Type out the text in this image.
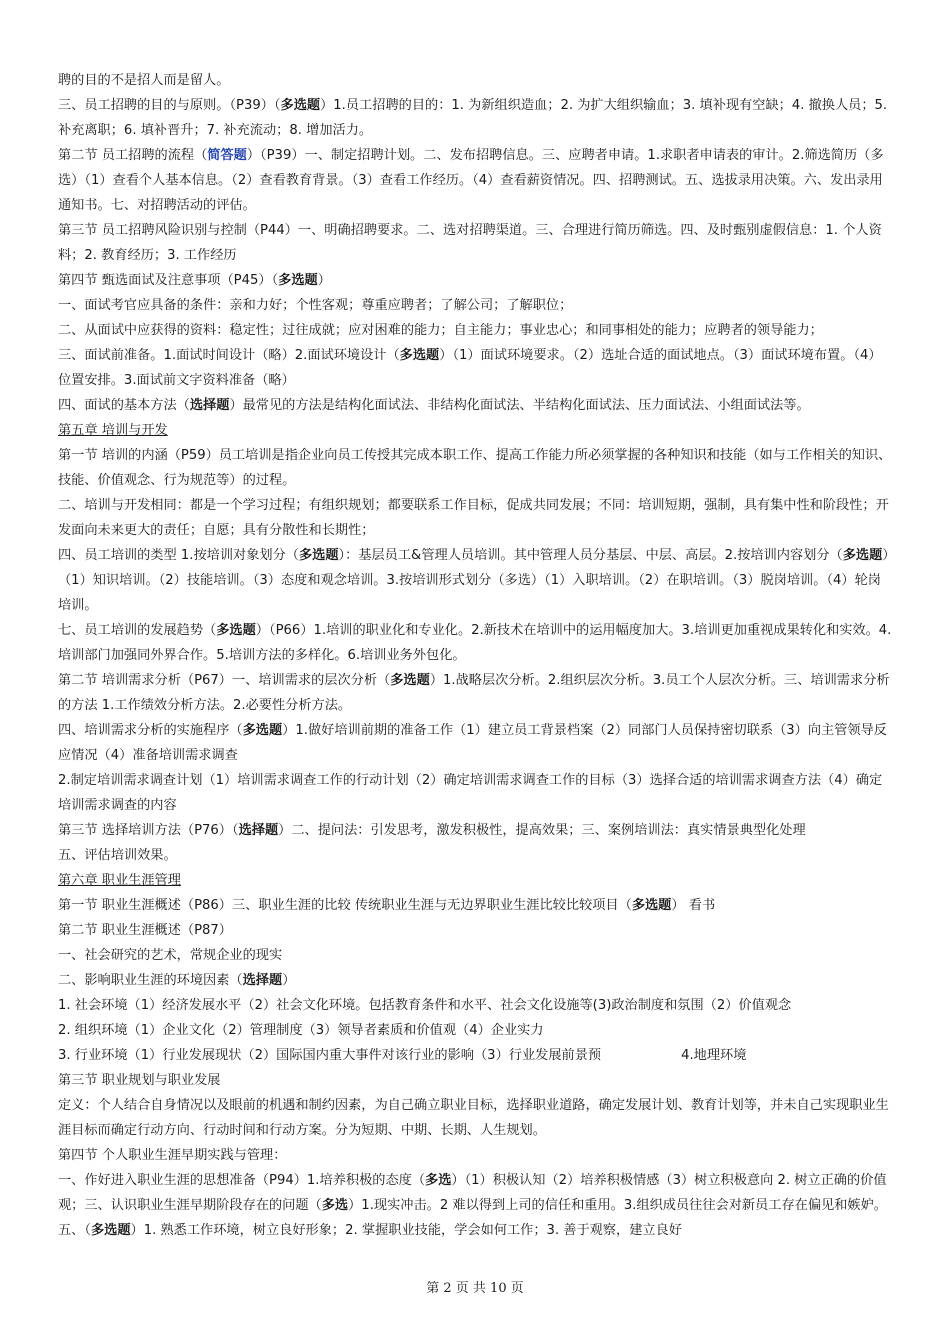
聘的目的不是招人而是留人。

三、员工招聘的目的与原则。（P39）（多选题）1.员工招聘的目的：1. 为新组织造血；2. 为扩大组织输血；3. 填补现有空缺；4. 撤换人员；5. 补充离职；6. 填补晋升；7. 补充流动；8. 增加活力。

第二节 员工招聘的流程（简答题）（P39）一、制定招聘计划。二、发布招聘信息。三、应聘者申请。1.求职者申请表的审计。2.筛选简历（多选）（1）查看个人基本信息。（2）查看教育背景。（3）查看工作经历。（4）查看薪资情况。四、招聘测试。五、选拔录用决策。六、发出录用通知书。七、对招聘活动的评估。

第三节 员工招聘风险识别与控制（P44）一、明确招聘要求。二、选对招聘渠道。三、合理进行简历筛选。四、及时甄别虚假信息：1. 个人资料；2. 教育经历；3. 工作经历

第四节 甄选面试及注意事项（P45）（多选题）

一、面试考官应具备的条件：亲和力好；个性客观；尊重应聘者；了解公司；了解职位；

二、从面试中应获得的资料：稳定性；过往成就；应对困难的能力；自主能力；事业忠心；和同事相处的能力；应聘者的领导能力；

三、面试前准备。1.面试时间设计（略）2.面试环境设计（多选题）（1）面试环境要求。（2）选址合适的面试地点。（3）面试环境布置。（4）位置安排。3.面试前文字资料准备（略）

四、面试的基本方法（选择题）最常见的方法是结构化面试法、非结构化面试法、半结构化面试法、压力面试法、小组面试法等。

第五章 培训与开发

第一节 培训的内涵（P59）员工培训是指企业向员工传授其完成本职工作、提高工作能力所必须掌握的各种知识和技能（如与工作相关的知识、技能、价值观念、行为规范等）的过程。

二、培训与开发相同：都是一个学习过程；有组织规划；都要联系工作目标，促成共同发展；不同：培训短期，强制，具有集中性和阶段性；开发面向未来更大的责任；自愿；具有分散性和长期性；

四、员工培训的类型 1.按培训对象划分（多选题）：基层员工&管理人员培训。其中管理人员分基层、中层、高层。2.按培训内容划分（多选题）（1）知识培训。（2）技能培训。（3）态度和观念培训。3.按培训形式划分（多选）（1）入职培训。（2）在职培训。（3）脱岗培训。（4）轮岗培训。

七、员工培训的发展趋势（多选题）（P66）1.培训的职业化和专业化。2.新技术在培训中的运用幅度加大。3.培训更加重视成果转化和实效。4.培训部门加强同外界合作。5.培训方法的多样化。6.培训业务外包化。

第二节 培训需求分析（P67）一、培训需求的层次分析（多选题）1.战略层次分析。2.组织层次分析。3.员工个人层次分析。三、培训需求分析的方法 1.工作绩效分析方法。2.必要性分析方法。

四、培训需求分析的实施程序（多选题）1.做好培训前期的准备工作（1）建立员工背景档案（2）同部门人员保持密切联系（3）向主管领导反应情况（4）准备培训需求调查

2.制定培训需求调查计划（1）培训需求调查工作的行动计划（2）确定培训需求调查工作的目标（3）选择合适的培训需求调查方法（4）确定培训需求调查的内容

第三节 选择培训方法（P76）（选择题）二、提问法：引发思考，激发积极性，提高效果；三、案例培训法：真实情景典型化处理

五、评估培训效果。

第六章 职业生涯管理

第一节 职业生涯概述（P86）三、职业生涯的比较 传统职业生涯与无边界职业生涯比较比较项目（多选题） 看书

第二节 职业生涯概述（P87）

一、社会研究的艺术，常规企业的现实

二、影响职业生涯的环境因素（选择题）

1. 社会环境（1）经济发展水平（2）社会文化环境。包括教育条件和水平、社会文化设施等(3)政治制度和氛围（2）价值观念

2. 组织环境（1）企业文化（2）管理制度（3）领导者素质和价值观（4）企业实力

3. 行业环境（1）行业发展现状（2）国际国内重大事件对该行业的影响（3）行业发展前景预	4.地理环境

第三节 职业规划与职业发展

定义：个人结合自身情况以及眼前的机遇和制约因素，为自己确立职业目标，选择职业道路，确定发展计划、教育计划等，并未自己实现职业生涯目标而确定行动方向、行动时间和行动方案。分为短期、中期、长期、人生规划。

第四节 个人职业生涯早期实践与管理：

一、作好进入职业生涯的思想准备（P94）1.培养积极的态度（多选）（1）积极认知（2）培养积极情感（3）树立积极意向 2. 树立正确的价值观；三、认识职业生涯早期阶段存在的问题（多选）1.现实冲击。2 难以得到上司的信任和重用。3.组织成员往往会对新员工存在偏见和嫉妒。五、（多选题）1. 熟悉工作环境，树立良好形象；2. 掌握职业技能，学会如何工作；3. 善于观察，建立良好

第 2 页 共 10 页
